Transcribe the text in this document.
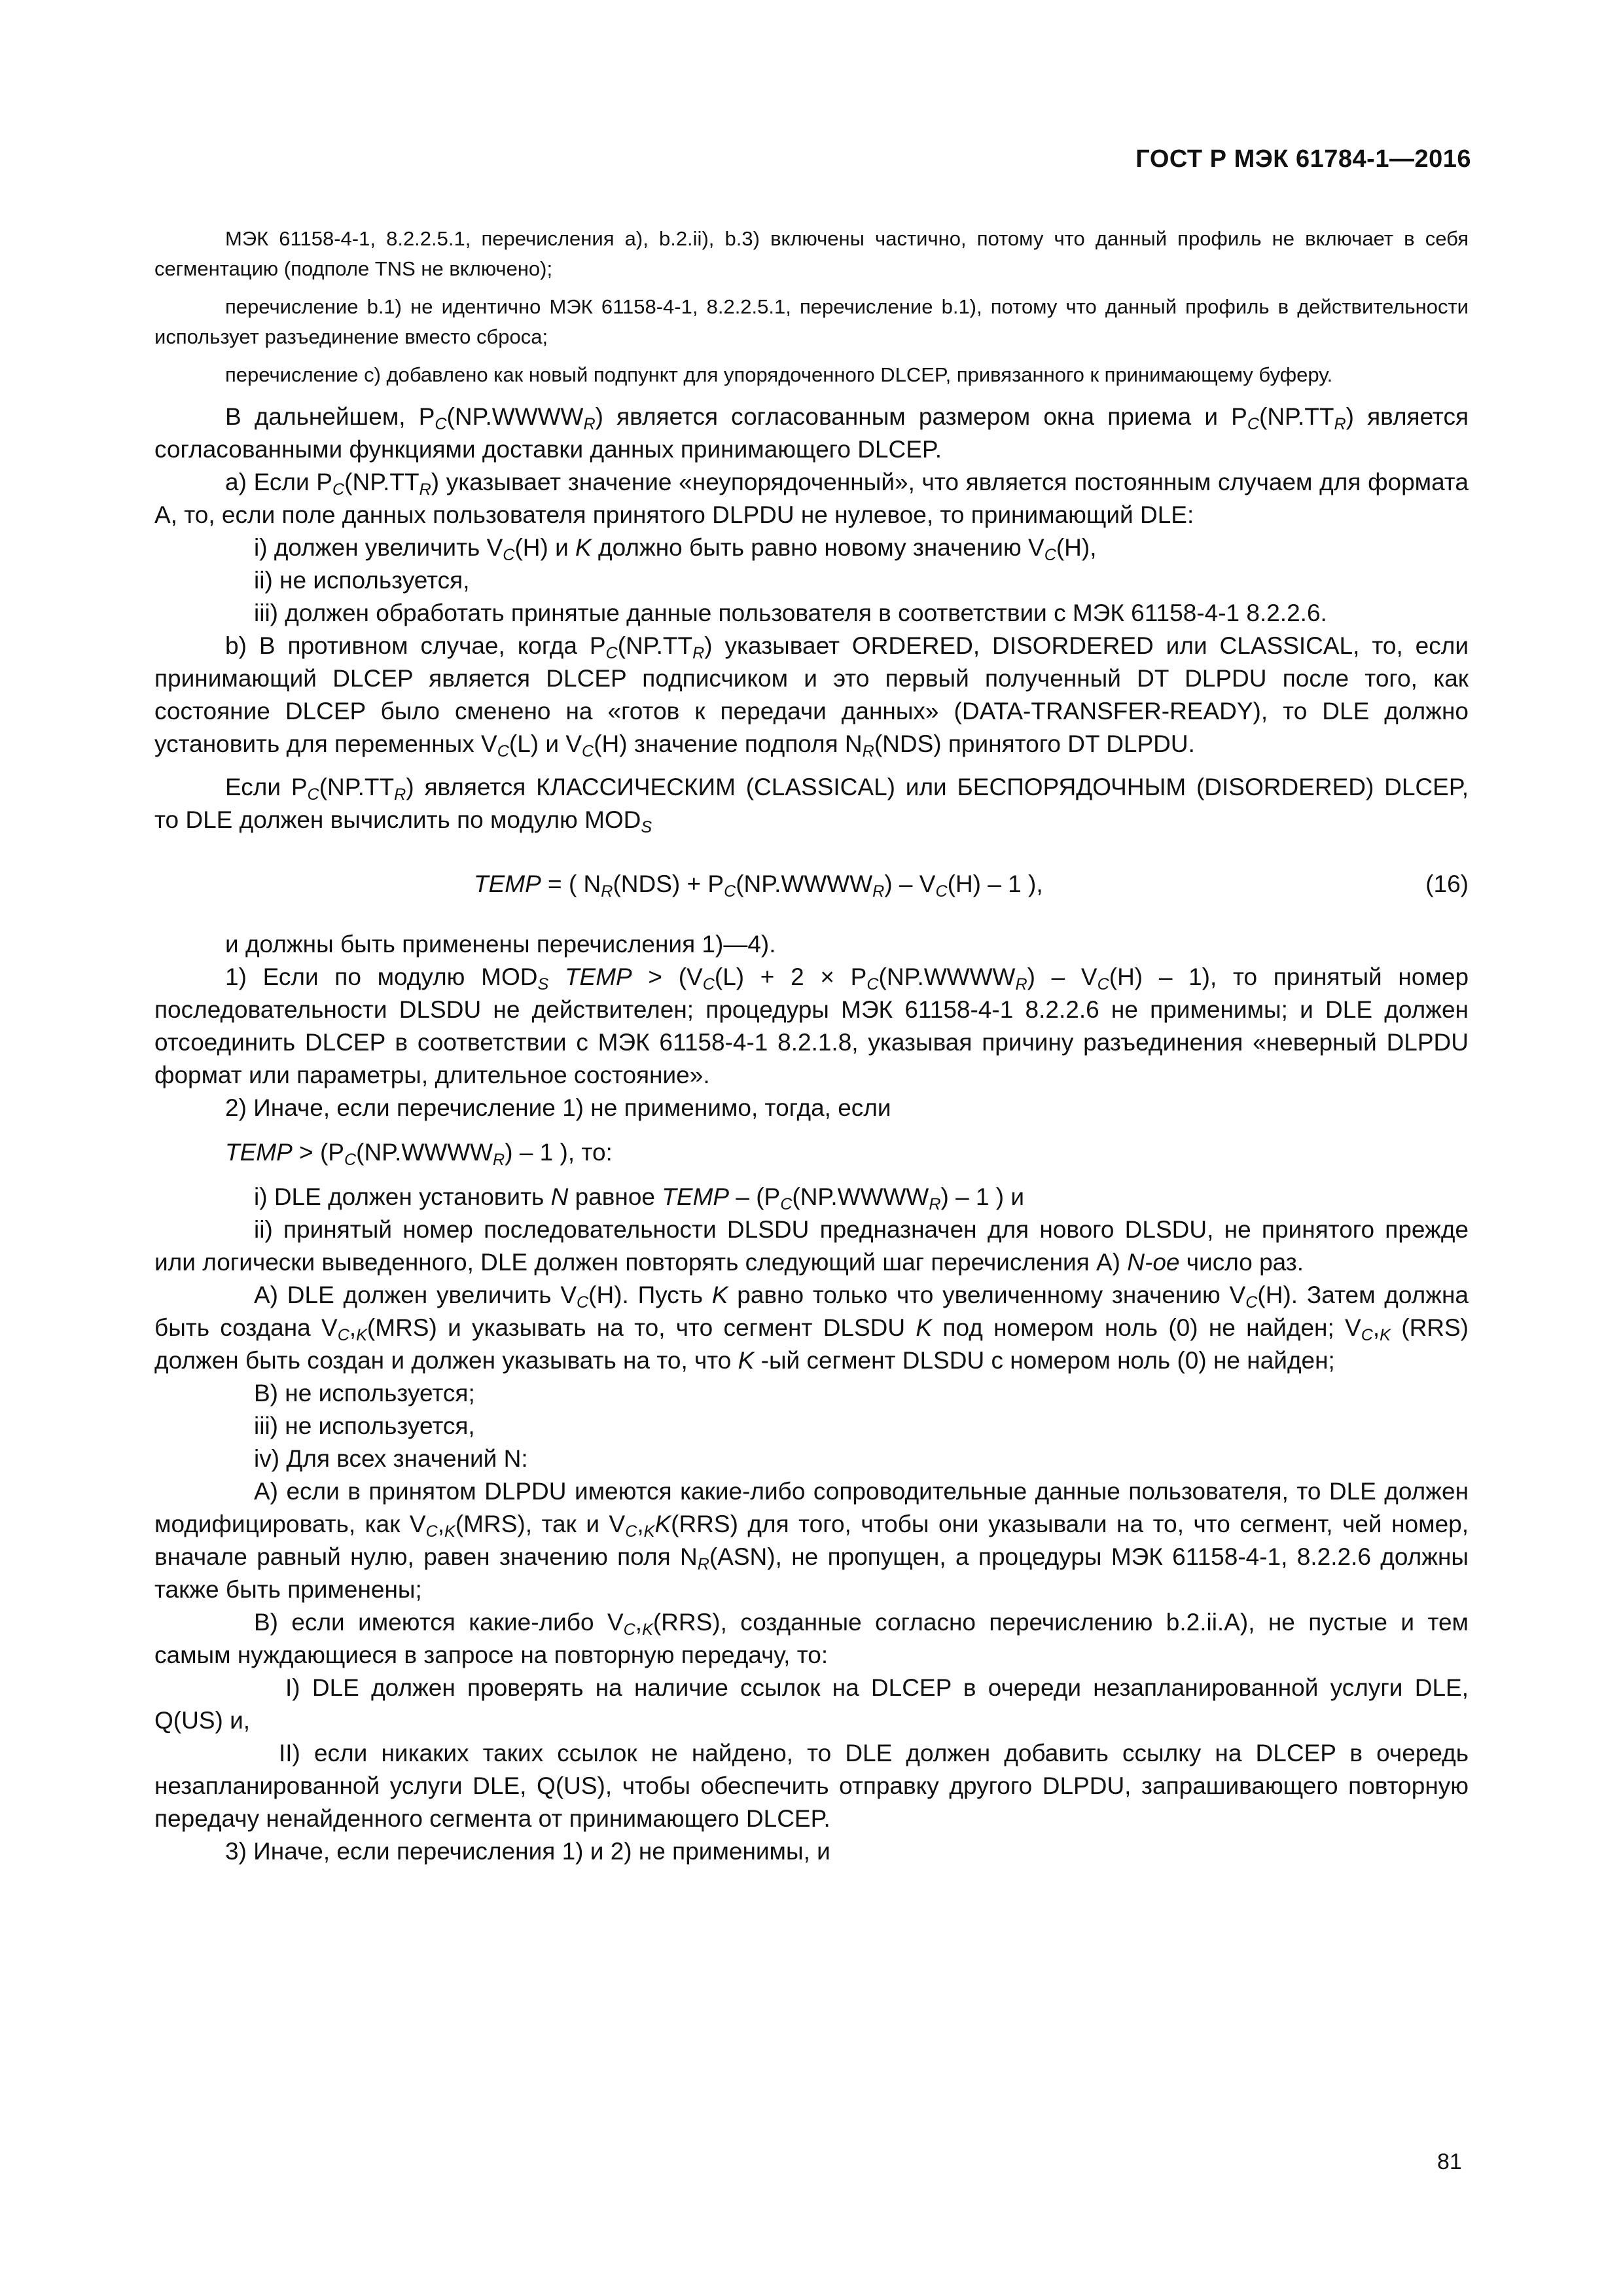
ГОСТ Р МЭК 61784-1—2016

МЭК 61158-4-1, 8.2.2.5.1, перечисления а), b.2.ii), b.3) включены частично, потому что данный профиль не включает в себя сегментацию (подполе TNS не включено);

перечисление b.1) не идентично МЭК 61158-4-1, 8.2.2.5.1, перечисление b.1), потому что данный профиль в действительности использует разъединение вместо сброса;

перечисление с) добавлено как новый подпункт для упорядоченного DLCEP, привязанного к принимающему буферу.

В дальнейшем, $P_C(NP.WWWW_R)$ является согласованным размером окна приема и $P_C(NP.TT_R)$ является согласованными функциями доставки данных принимающего DLCEP.

а) Если $P_C(NP.TT_R)$ указывает значение «неупорядоченный», что является постоянным случаем для формата А, то, если поле данных пользователя принятого DLPDU не нулевое, то принимающий DLE:

i) должен увеличить $V_C(H)$ и K должно быть равно новому значению $V_C(H)$,

ii) не используется,

iii) должен обработать принятые данные пользователя в соответствии с МЭК 61158-4-1 8.2.2.6.

b) В противном случае, когда $P_C(NP.TT_R)$ указывает ORDERED, DISORDERED или CLASSICAL, то, если принимающий DLCEP является DLCEP подписчиком и это первый полученный DT DLPDU после того, как состояние DLCEP было сменено на «готов к передачи данных» (DATA-TRANSFER-READY), то DLE должно установить для переменных $V_C(L)$ и $V_C(H)$ значение подполя $N_R(NDS)$ принятого DT DLPDU.

Если $P_C(NP.TT_R)$ является КЛАССИЧЕСКИМ (CLASSICAL) или БЕСПОРЯДОЧНЫМ (DISORDERED) DLCEP, то DLE должен вычислить по модулю $MOD_S$

TEMP = ( $N_R(NDS)$ + $P_C(NP.WWWW_R) - V_C(H) - 1$ ),	(16)

и должны быть применены перечисления 1)—4).

1) Если по модулю $MOD_S$ TEMP > ($V_C(L) + 2$ × $P_C(NP.WWWW_R) - V_C(H) - 1$), то принятый номер последовательности DLSDU не действителен; процедуры МЭК 61158-4-1 8.2.2.6 не применимы; и DLE должен отсоединить DLCEP в соответствии с МЭК 61158-4-1 8.2.1.8, указывая причину разъединения «неверный DLPDU формат или параметры, длительное состояние».

2) Иначе, если перечисление 1) не применимо, тогда, если

TEMP > ($P_C(NP.WWWW_R) - 1$ ), то:

i) DLE должен установить N равное TEMP – ($P_C(NP.WWWW_R) - 1$ ) и

ii) принятый номер последовательности DLSDU предназначен для нового DLSDU, не принятого прежде или логически выведенного, DLE должен повторять следующий шаг перечисления А) N-ое число раз.

А) DLE должен увеличить $V_C(H)$. Пусть K равно только что увеличенному значению $V_C(H)$. Затем должна быть создана $V_C,_K(MRS)$ и указывать на то, что сегмент DLSDU K под номером ноль (0) не найден; $V_C,_K$ (RRS) должен быть создан и должен указывать на то, что K -ый сегмент DLSDU с номером ноль (0) не найден;

В) не используется;

iii) не используется,

iv) Для всех значений N:

А) если в принятом DLPDU имеются какие-либо сопроводительные данные пользователя, то DLE должен модифицировать, как $V_C,_K(MRS)$, так и $V_C,_KK(RRS)$ для того, чтобы они указывали на то, что сегмент, чей номер, вначале равный нулю, равен значению поля $N_R(ASN)$, не пропущен, а процедуры МЭК 61158-4-1, 8.2.2.6 должны также быть применены;

В) если имеются какие-либо $V_C,_K(RRS)$, созданные согласно перечислению b.2.ii.A), не пустые и тем самым нуждающиеся в запросе на повторную передачу, то:

I) DLE должен проверять на наличие ссылок на DLCEP в очереди незапланированной услуги DLE, Q(US) и,

II) если никаких таких ссылок не найдено, то DLE должен добавить ссылку на DLCEP в очередь незапланированной услуги DLE, Q(US), чтобы обеспечить отправку другого DLPDU, запрашивающего повторную передачу ненайденного сегмента от принимающего DLCEP.

3) Иначе, если перечисления 1) и 2) не применимы, и

81
